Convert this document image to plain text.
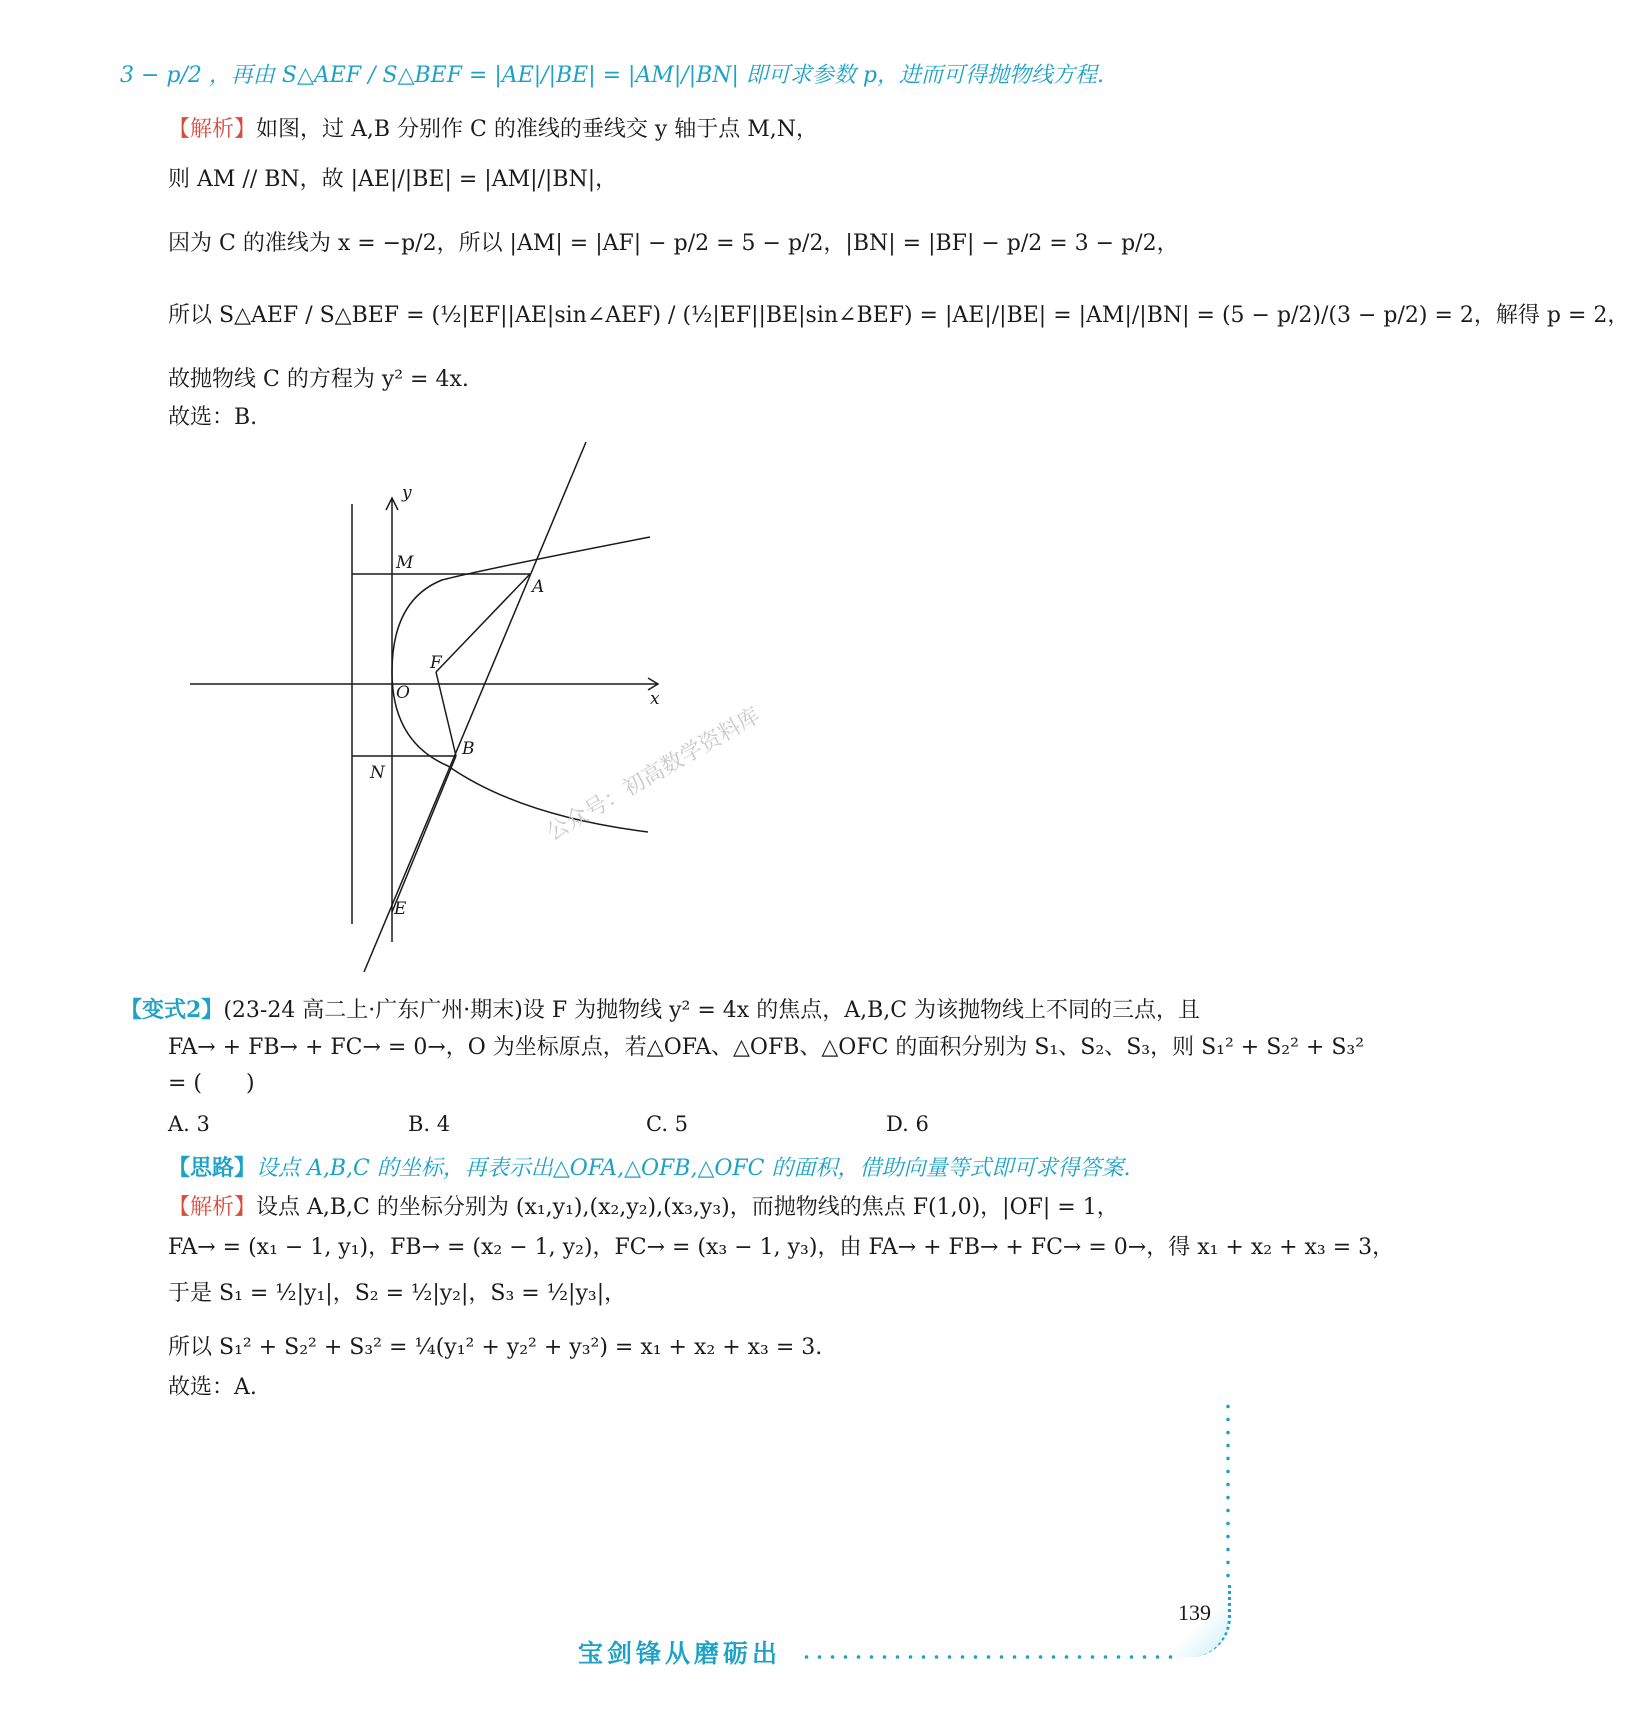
3 − p/2 ，再由 S△AEF / S△BEF = |AE|/|BE| = |AM|/|BN| 即可求参数 p，进而可得抛物线方程.
【解析】如图，过 A,B 分别作 C 的准线的垂线交 y 轴于点 M,N，
则 AM // BN，故 |AE|/|BE| = |AM|/|BN|，
因为 C 的准线为 x = −p/2，所以 |AM| = |AF| − p/2 = 5 − p/2，|BN| = |BF| − p/2 = 3 − p/2，
所以 S△AEF / S△BEF = (½|EF||AE|sin∠AEF) / (½|EF||BE|sin∠BEF) = |AE|/|BE| = |AM|/|BN| = (5 − p/2)/(3 − p/2) = 2，解得 p = 2，
故抛物线 C 的方程为 y² = 4x.
故选：B.
y
x
O
F
M
A
N
B
E
公众号：初高数学资料库
【变式2】(23-24 高二上·广东广州·期末)设 F 为抛物线 y² = 4x 的焦点，A,B,C 为该抛物线上不同的三点，且
FA→ + FB→ + FC→ = 0→，O 为坐标原点，若△OFA、△OFB、△OFC 的面积分别为 S₁、S₂、S₃，则 S₁² + S₂² + S₃²
= (　　)
A. 3	B. 4	C. 5	D. 6
【思路】设点 A,B,C 的坐标，再表示出△OFA,△OFB,△OFC 的面积，借助向量等式即可求得答案.
【解析】设点 A,B,C 的坐标分别为 (x₁,y₁),(x₂,y₂),(x₃,y₃)，而抛物线的焦点 F(1,0)，|OF| = 1，
FA→ = (x₁ − 1, y₁)，FB→ = (x₂ − 1, y₂)，FC→ = (x₃ − 1, y₃)，由 FA→ + FB→ + FC→ = 0→，得 x₁ + x₂ + x₃ = 3，
于是 S₁ = ½|y₁|，S₂ = ½|y₂|，S₃ = ½|y₃|，
所以 S₁² + S₂² + S₃² = ¼(y₁² + y₂² + y₃²) = x₁ + x₂ + x₃ = 3.
故选：A.
139
宝剑锋从磨砺出
